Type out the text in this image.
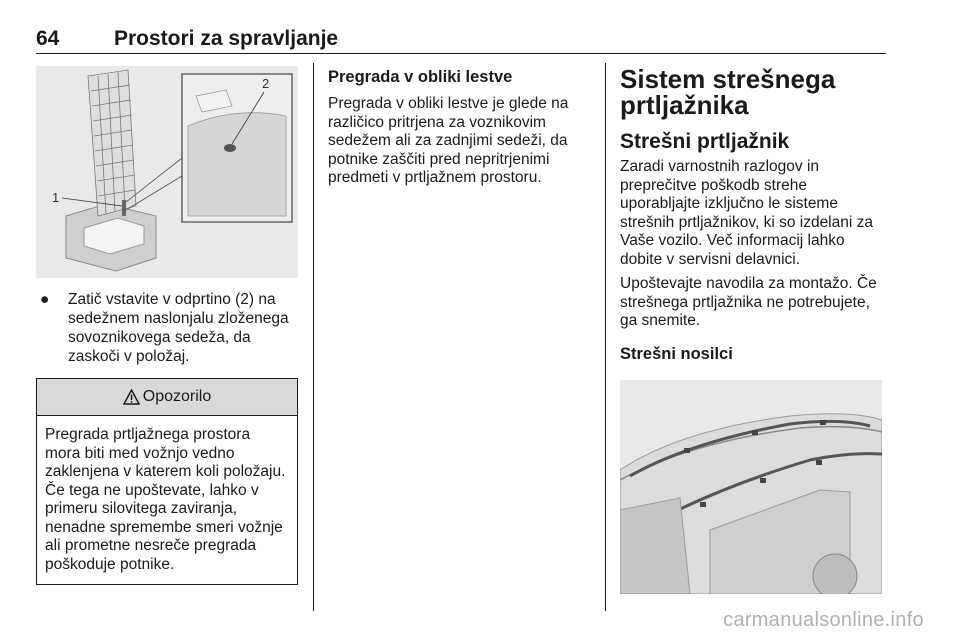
64	Prostori za spravljanje
1
2
●	Zatič vstavite v odprtino (2) na sedežnem naslonjalu zloženega sovoznikovega sedeža, da zaskoči v položaj.
Opozorilo
Pregrada prtljažnega prostora mora biti med vožnjo vedno zaklenjena v katerem koli položaju. Če tega ne upoštevate, lahko v primeru silovitega zaviranja, nenadne spremembe smeri vožnje ali prometne nesreče pregrada poškoduje potnike.
Pregrada v obliki lestve

Pregrada v obliki lestve je glede na različico pritrjena za voznikovim sedežem ali za zadnjimi sedeži, da potnike zaščiti pred nepritrjenimi predmeti v prtljažnem prostoru.

Sistem strešnega prtljažnika
Strešni prtljažnik

Zaradi varnostnih razlogov in preprečitve poškodb strehe uporabljajte izključno le sisteme strešnih prtljažnikov, ki so izdelani za Vaše vozilo. Več informacij lahko dobite v servisni delavnici.

Upoštevajte navodila za montažo. Če strešnega prtljažnika ne potrebujete, ga snemite.

Strešni nosilci
carmanualsonline.info
